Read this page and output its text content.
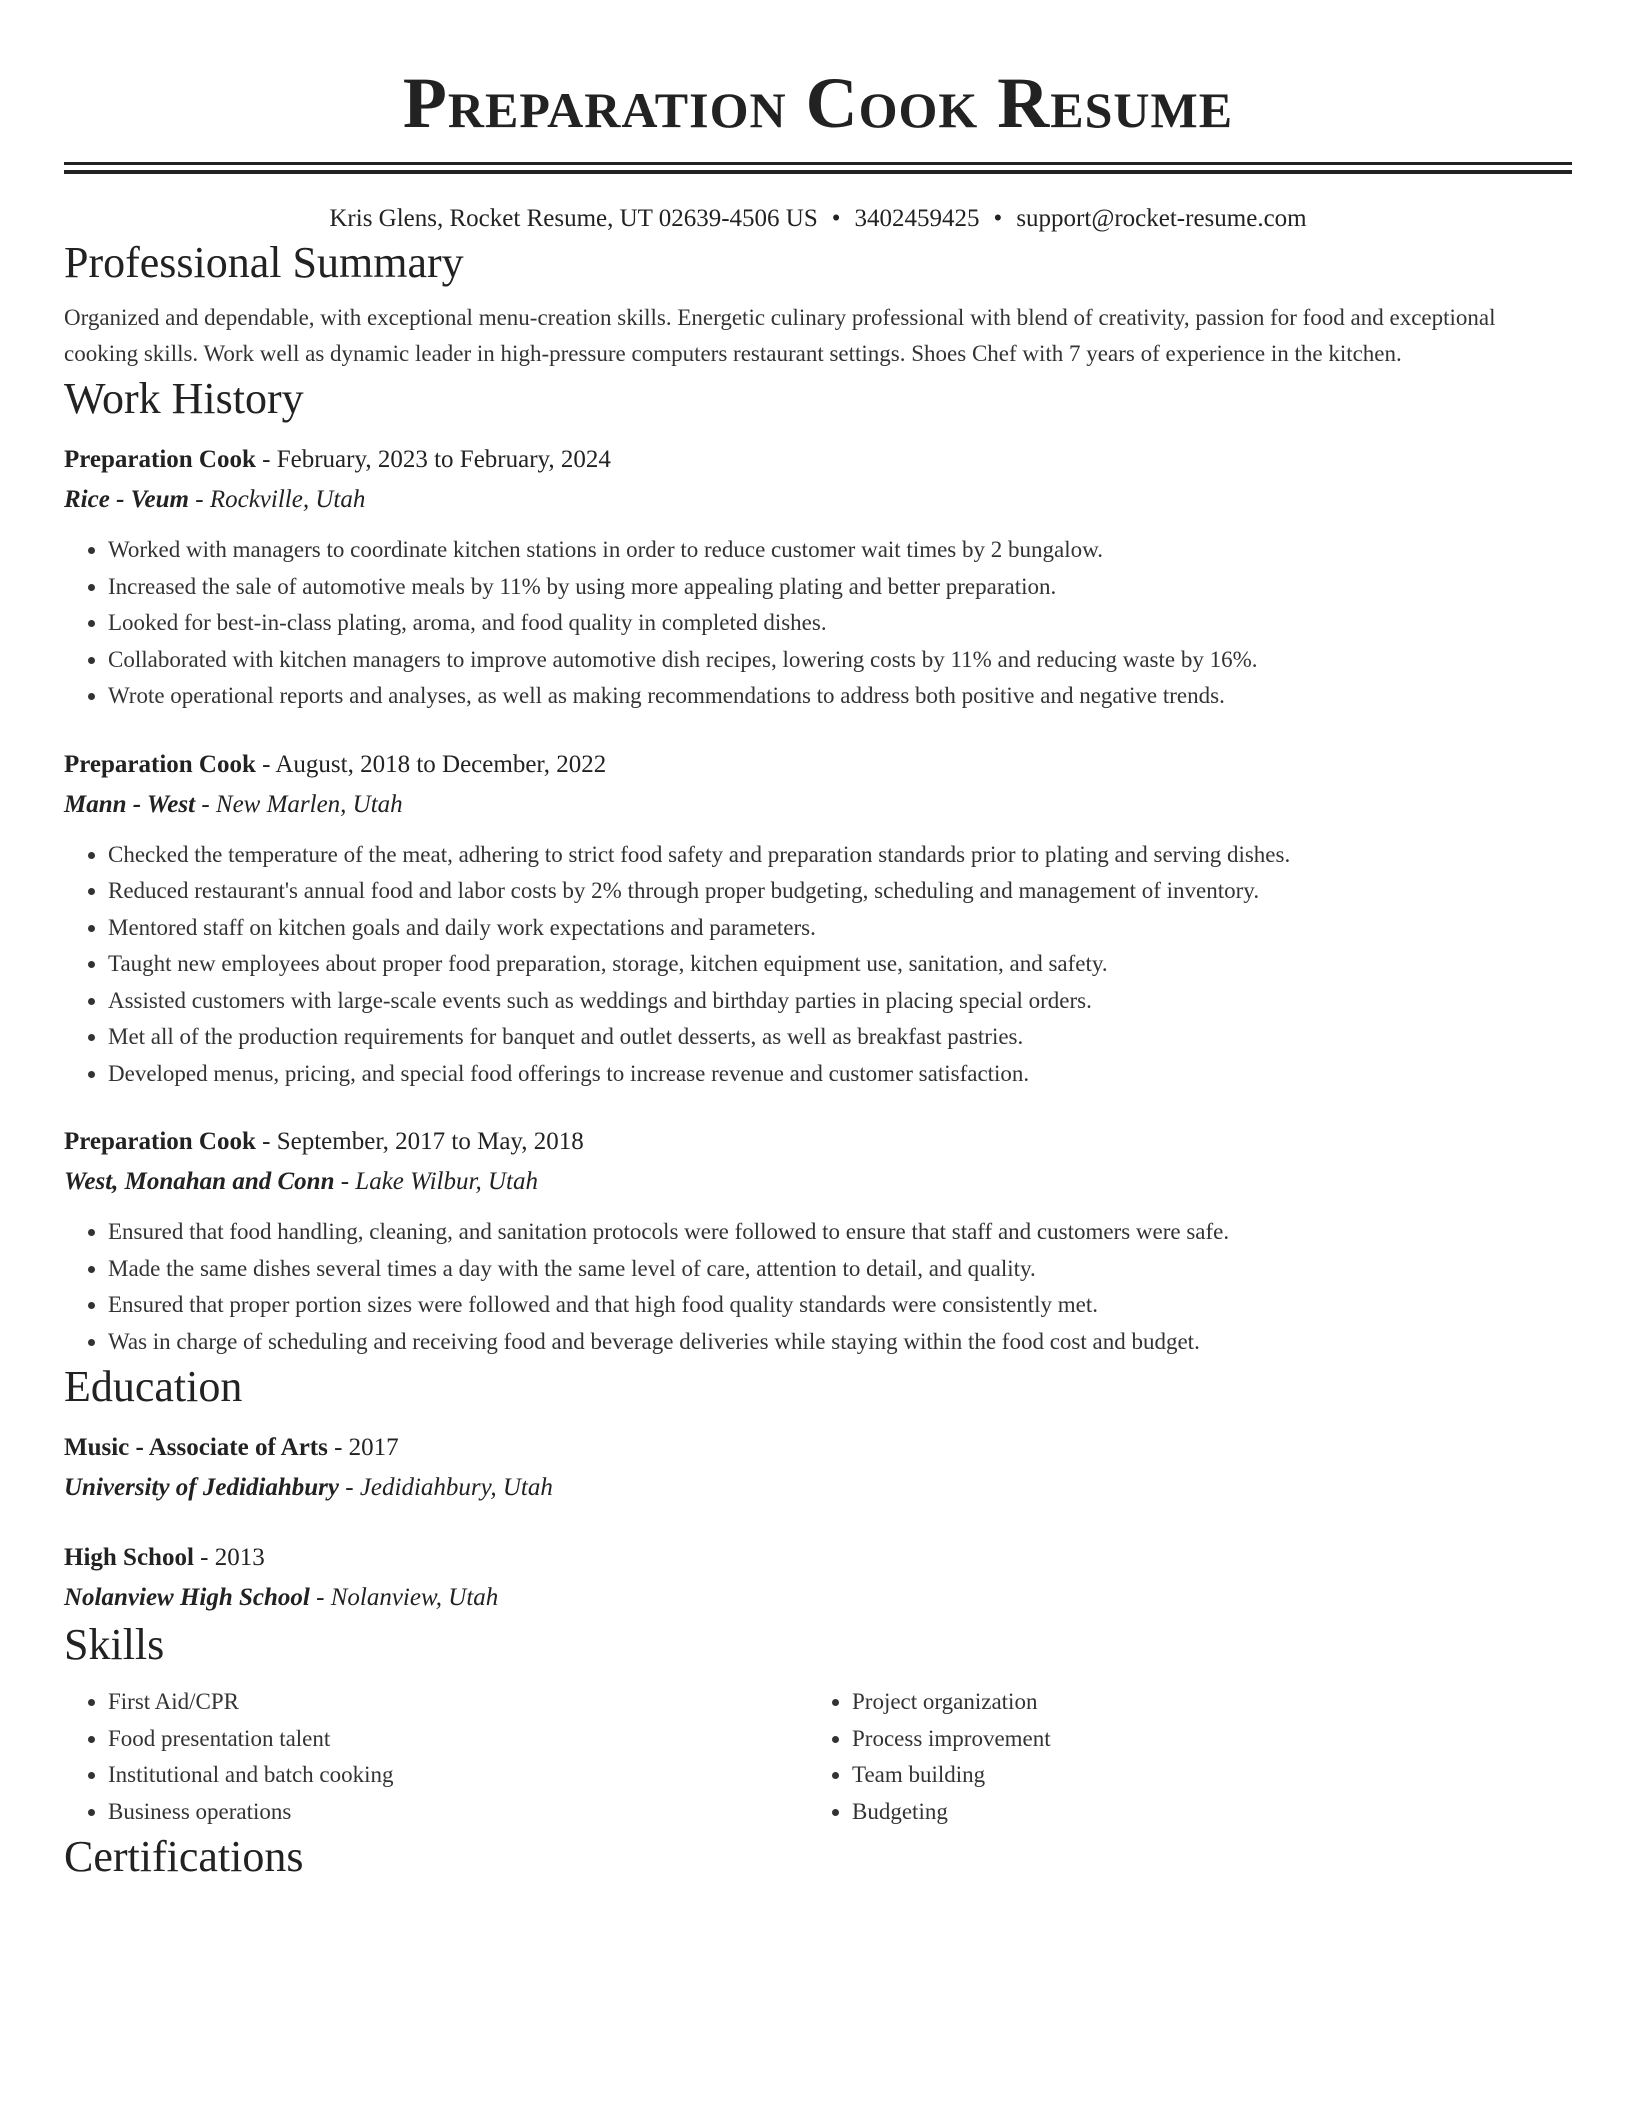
Preparation Cook Resume
Kris Glens, Rocket Resume, UT 02639-4506 US • 3402459425 • support@rocket-resume.com
Professional Summary
Organized and dependable, with exceptional menu-creation skills. Energetic culinary professional with blend of creativity, passion for food and exceptional cooking skills. Work well as dynamic leader in high-pressure computers restaurant settings. Shoes Chef with 7 years of experience in the kitchen.
Work History
Preparation Cook - February, 2023 to February, 2024
Rice - Veum - Rockville, Utah
• Worked with managers to coordinate kitchen stations in order to reduce customer wait times by 2 bungalow.
• Increased the sale of automotive meals by 11% by using more appealing plating and better preparation.
• Looked for best-in-class plating, aroma, and food quality in completed dishes.
• Collaborated with kitchen managers to improve automotive dish recipes, lowering costs by 11% and reducing waste by 16%.
• Wrote operational reports and analyses, as well as making recommendations to address both positive and negative trends.
Preparation Cook - August, 2018 to December, 2022
Mann - West - New Marlen, Utah
• Checked the temperature of the meat, adhering to strict food safety and preparation standards prior to plating and serving dishes.
• Reduced restaurant's annual food and labor costs by 2% through proper budgeting, scheduling and management of inventory.
• Mentored staff on kitchen goals and daily work expectations and parameters.
• Taught new employees about proper food preparation, storage, kitchen equipment use, sanitation, and safety.
• Assisted customers with large-scale events such as weddings and birthday parties in placing special orders.
• Met all of the production requirements for banquet and outlet desserts, as well as breakfast pastries.
• Developed menus, pricing, and special food offerings to increase revenue and customer satisfaction.
Preparation Cook - September, 2017 to May, 2018
West, Monahan and Conn - Lake Wilbur, Utah
• Ensured that food handling, cleaning, and sanitation protocols were followed to ensure that staff and customers were safe.
• Made the same dishes several times a day with the same level of care, attention to detail, and quality.
• Ensured that proper portion sizes were followed and that high food quality standards were consistently met.
• Was in charge of scheduling and receiving food and beverage deliveries while staying within the food cost and budget.
Education
Music - Associate of Arts - 2017
University of Jedidiahbury - Jedidiahbury, Utah
High School - 2013
Nolanview High School - Nolanview, Utah
Skills
• First Aid/CPR
• Food presentation talent
• Institutional and batch cooking
• Business operations
• Project organization
• Process improvement
• Team building
• Budgeting
Certifications
